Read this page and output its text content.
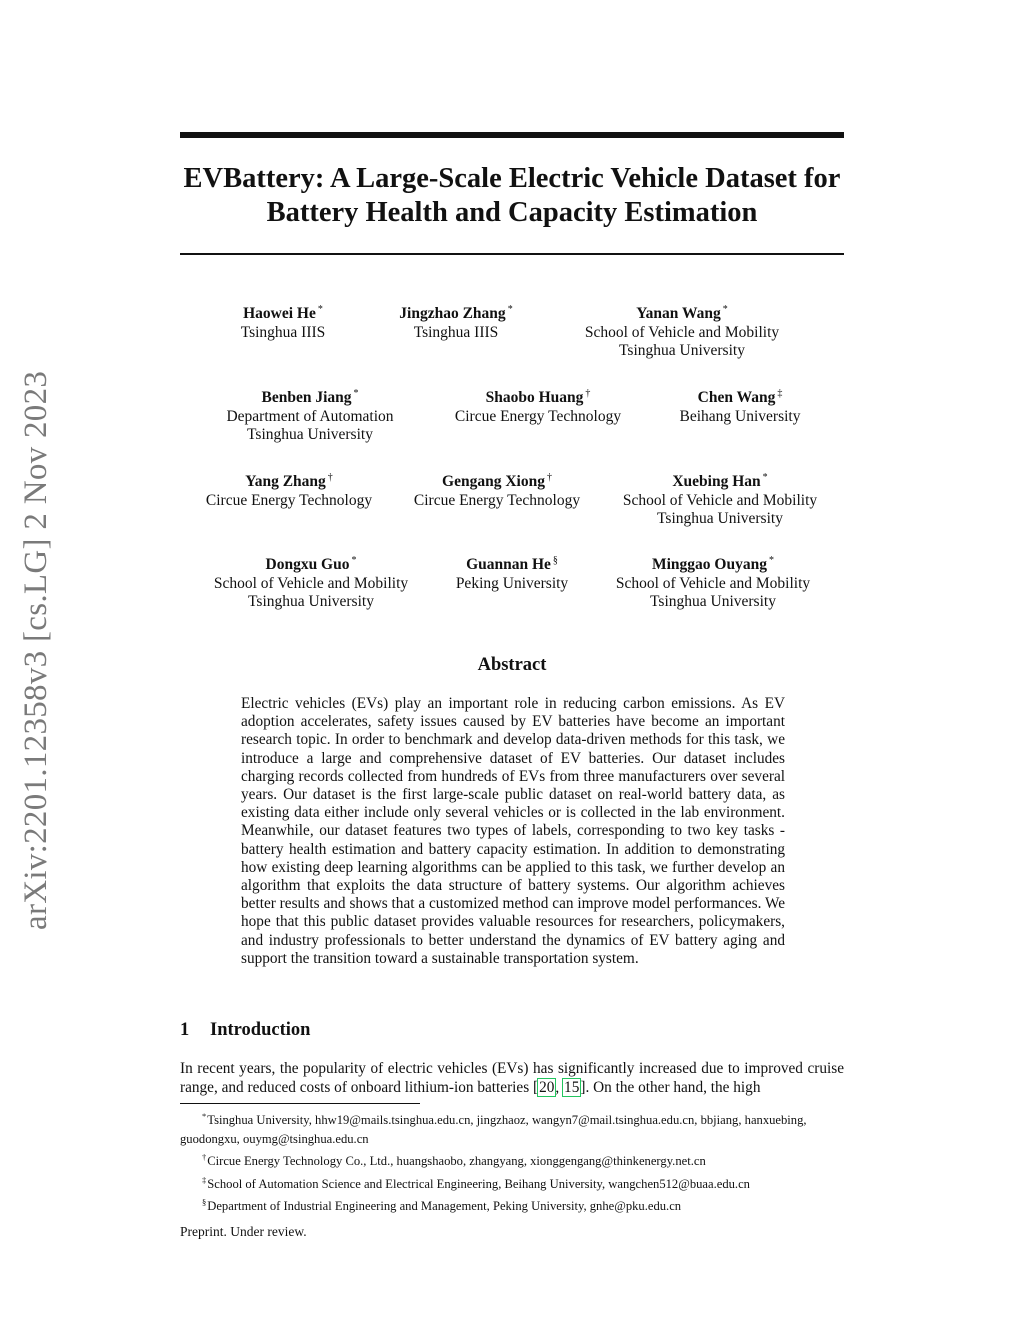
arXiv:2201.12358v3 [cs.LG] 2 Nov 2023
EVBattery: A Large-Scale Electric Vehicle Dataset for
Battery Health and Capacity Estimation
Haowei He *
Tsinghua IIIS
Jingzhao Zhang *
Tsinghua IIIS
Yanan Wang *
School of Vehicle and Mobility
Tsinghua University
Benben Jiang *
Department of Automation
Tsinghua University
Shaobo Huang †
Circue Energy Technology
Chen Wang ‡
Beihang University
Yang Zhang †
Circue Energy Technology
Gengang Xiong †
Circue Energy Technology
Xuebing Han *
School of Vehicle and Mobility
Tsinghua University
Dongxu Guo *
School of Vehicle and Mobility
Tsinghua University
Guannan He §
Peking University
Minggao Ouyang *
School of Vehicle and Mobility
Tsinghua University
Abstract

Electric vehicles (EVs) play an important role in reducing carbon emissions. As EV adoption accelerates, safety issues caused by EV batteries have become an important research topic. In order to benchmark and develop data-driven methods for this task, we introduce a large and comprehensive dataset of EV batteries. Our dataset includes charging records collected from hundreds of EVs from three manufacturers over several years. Our dataset is the first large-scale public dataset on real-world battery data, as existing data either include only several vehicles or is collected in the lab environment. Meanwhile, our dataset features two types of labels, corresponding to two key tasks - battery health estimation and battery capacity estimation. In addition to demonstrating how existing deep learning algorithms can be applied to this task, we further develop an algorithm that exploits the data structure of battery systems. Our algorithm achieves better results and shows that a customized method can improve model performances. We hope that this public dataset provides valuable resources for researchers, policymakers, and industry professionals to better understand the dynamics of EV battery aging and support the transition toward a sustainable transportation system.

1 Introduction

In recent years, the popularity of electric vehicles (EVs) has significantly increased due to improved cruise range, and reduced costs of onboard lithium-ion batteries [20, 15]. On the other hand, the high

*Tsinghua University, hhw19@mails.tsinghua.edu.cn, jingzhaoz, wangyn7@mail.tsinghua.edu.cn, bbjiang, hanxuebing, guodongxu, ouymg@tsinghua.edu.cn

†Circue Energy Technology Co., Ltd., huangshaobo, zhangyang, xionggengang@thinkenergy.net.cn

‡School of Automation Science and Electrical Engineering, Beihang University, wangchen512@buaa.edu.cn

§Department of Industrial Engineering and Management, Peking University, gnhe@pku.edu.cn

Preprint. Under review.
